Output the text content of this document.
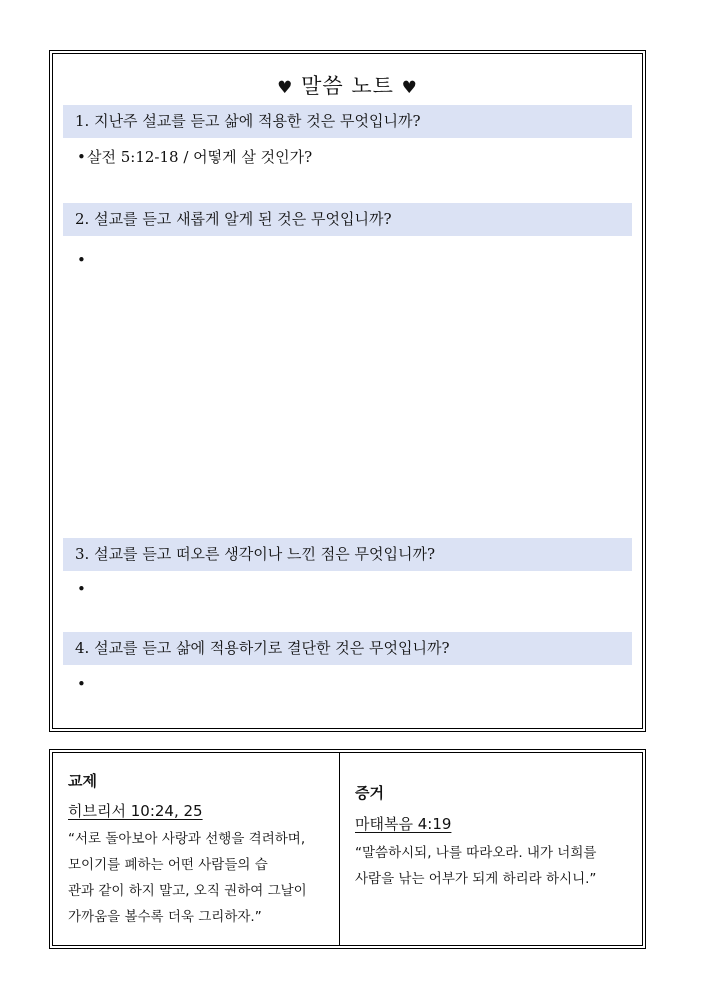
♥ 말씀 노트 ♥
1. 지난주 설교를 듣고 삶에 적용한 것은 무엇입니까?
•살전 5:12-18 / 어떻게 살 것인가?
2. 설교를 듣고 새롭게 알게 된 것은 무엇입니까?
•
3. 설교를 듣고 떠오른 생각이나 느낀 점은 무엇입니까?
•
4. 설교를 듣고 삶에 적용하기로 결단한 것은 무엇입니까?
•
교제
히브리서 10:24, 25
“서로 돌아보아 사랑과 선행을 격려하며,
모이기를 폐하는 어떤 사람들의 습
관과 같이 하지 말고, 오직 권하여 그날이
가까움을 볼수록 더욱 그리하자.”
증거
마태복음 4:19
“말씀하시되, 나를 따라오라. 내가 너희를
사람을 낚는 어부가 되게 하리라 하시니.”
